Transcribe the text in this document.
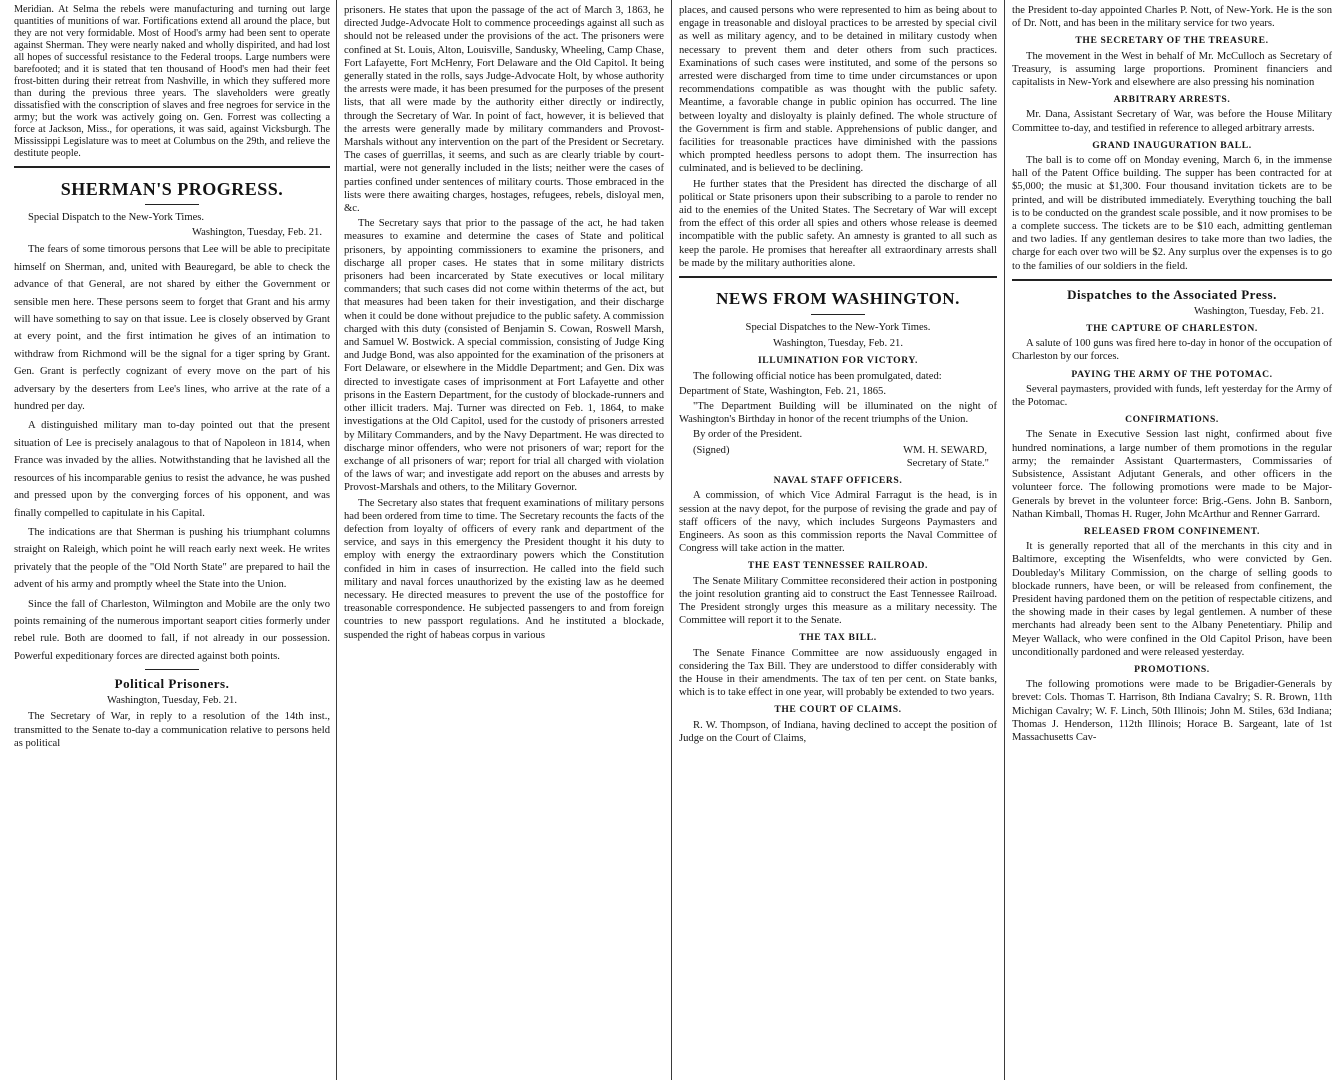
Meridian. At Selma the rebels were manufacturing and turning out large quantities of munitions of war. Fortifications extend all around the place, but they are not very formidable. Most of Hood's army had been sent to operate against Sherman. They were nearly naked and wholly dispirited, and had lost all hopes of successful resistance to the Federal troops. Large numbers were barefooted; and it is stated that ten thousand of Hood's men had their feet frost-bitten during their retreat from Nashville, in which they suffered more than during the previous three years. The slaveholders were greatly dissatisfied with the conscription of slaves and free negroes for service in the army; but the work was actively going on. Gen. Forrest was collecting a force at Jackson, Miss., for operations, it was said, against Vicksburgh. The Mississippi Legislature was to meet at Columbus on the 29th, and relieve the destitute people.

SHERMAN'S PROGRESS.

Special Dispatch to the New-York Times.

Washington, Tuesday, Feb. 21.

The fears of some timorous persons that Lee will be able to precipitate himself on Sherman, and, united with Beauregard, be able to check the advance of that General, are not shared by either the Government or sensible men here. These persons seem to forget that Grant and his army will have something to say on that issue. Lee is closely observed by Grant at every point, and the first intimation he gives of an intimation to withdraw from Richmond will be the signal for a tiger spring by Grant. Gen. Grant is perfectly cognizant of every move on the part of his adversary by the deserters from Lee's lines, who arrive at the rate of a hundred per day.

A distinguished military man to-day pointed out that the present situation of Lee is precisely analagous to that of Napoleon in 1814, when France was invaded by the allies. Notwithstanding that he lavished all the resources of his incomparable genius to resist the advance, he was pushed and pressed upon by the converging forces of his opponent, and was finally compelled to capitulate in his Capital.

The indications are that Sherman is pushing his triumphant columns straight on Raleigh, which point he will reach early next week. He writes privately that the people of the "Old North State" are prepared to hail the advent of his army and promptly wheel the State into the Union.

Since the fall of Charleston, Wilmington and Mobile are the only two points remaining of the numerous important seaport cities formerly under rebel rule. Both are doomed to fall, if not already in our possession. Powerful expeditionary forces are directed against both points.

Political Prisoners.
Washington, Tuesday, Feb. 21.

The Secretary of War, in reply to a resolution of the 14th inst., transmitted to the Senate to-day a communication relative to persons held as political

prisoners. He states that upon the passage of the act of March 3, 1863, he directed Judge-Advocate Holt to commence proceedings against all such as should not be released under the provisions of the act. The prisoners were confined at St. Louis, Alton, Louisville, Sandusky, Wheeling, Camp Chase, Fort Lafayette, Fort McHenry, Fort Delaware and the Old Capitol. It being generally stated in the rolls, says Judge-Advocate Holt, by whose authority the arrests were made, it has been presumed for the purposes of the present lists, that all were made by the authority either directly or indirectly, through the Secretary of War. In point of fact, however, it is believed that the arrests were generally made by military commanders and Provost-Marshals without any intervention on the part of the President or Secretary. The cases of guerrillas, it seems, and such as are clearly triable by court-martial, were not generally included in the lists; neither were the cases of parties confined under sentences of military courts. Those embraced in the lists were there awaiting charges, hostages, refugees, rebels, disloyal men, &c.

The Secretary says that prior to the passage of the act, he had taken measures to examine and determine the cases of State and political prisoners, by appointing commissioners to examine the prisoners, and discharge all proper cases. He states that in some military districts prisoners had been incarcerated by State executives or local military commanders; that such cases did not come within theterms of the act, but that measures had been taken for their investigation, and their discharge when it could be done without prejudice to the public safety. A commission charged with this duty (consisted of Benjamin S. Cowan, Roswell Marsh, and Samuel W. Bostwick. A special commission, consisting of Judge King and Judge Bond, was also appointed for the examination of the prisoners at Fort Delaware, or elsewhere in the Middle Department; and Gen. Dix was directed to investigate cases of imprisonment at Fort Lafayette and other prisons in the Eastern Department, for the custody of blockade-runners and other illicit traders. Maj. Turner was directed on Feb. 1, 1864, to make investigations at the Old Capitol, used for the custody of prisoners arrested by Military Commanders, and by the Navy Department. He was directed to discharge minor offenders, who were not prisoners of war; report for the exchange of all prisoners of war; report for trial all charged with violation of the laws of war; and investigate add report on the abuses and arrests by Provost-Marshals and others, to the Military Governor.

The Secretary also states that frequent examinations of military persons had been ordered from time to time. The Secretary recounts the facts of the defection from loyalty of officers of every rank and department of the service, and says in this emergency the President thought it his duty to employ with energy the extraordinary powers which the Constitution confided in him in cases of insurrection. He called into the field such military and naval forces unauthorized by the existing law as he deemed necessary. He directed measures to prevent the use of the postoffice for treasonable correspondence. He subjected passengers to and from foreign countries to new passport regulations. And he instituted a blockade, suspended the right of habeas corpus in various

places, and caused persons who were represented to him as being about to engage in treasonable and disloyal practices to be arrested by special civil as well as military agency, and to be detained in military custody when necessary to prevent them and deter others from such practices. Examinations of such cases were instituted, and some of the persons so arrested were discharged from time to time under circumstances or upon recommendations compatible as was thought with the public safety. Meantime, a favorable change in public opinion has occurred. The line between loyalty and disloyalty is plainly defined. The whole structure of the Government is firm and stable. Apprehensions of public danger, and facilities for treasonable practices have diminished with the passions which prompted heedless persons to adopt them. The insurrection has culminated, and is believed to be declining.

He further states that the President has directed the discharge of all political or State prisoners upon their subscribing to a parole to render no aid to the enemies of the United States. The Secretary of War will except from the effect of this order all spies and others whose release is deemed incompatible with the public safety. An amnesty is granted to all such as keep the parole. He promises that hereafter all extraordinary arrests shall be made by the military authorities alone.

NEWS FROM WASHINGTON.
Special Dispatches to the New-York Times.
Washington, Tuesday, Feb. 21.
ILLUMINATION FOR VICTORY.

The following official notice has been promulgated, dated:

Department of State, Washington, Feb. 21, 1865.

"The Department Building will be illuminated on the night of Washington's Birthday in honor of the recent triumphs of the Union.

By order of the President.

(Signed)	WM. H. SEWARD,
Secretary of State."
NAVAL STAFF OFFICERS.

A commission, of which Vice Admiral Farragut is the head, is in session at the navy depot, for the purpose of revising the grade and pay of staff officers of the navy, which includes Surgeons Paymasters and Engineers. As soon as this commission reports the Naval Committee of Congress will take action in the matter.

THE EAST TENNESSEE RAILROAD.

The Senate Military Committee reconsidered their action in postponing the joint resolution granting aid to construct the East Tennessee Railroad. The President strongly urges this measure as a military necessity. The Committee will report it to the Senate.

THE TAX BILL.

The Senate Finance Committee are now assiduously engaged in considering the Tax Bill. They are understood to differ considerably with the House in their amendments. The tax of ten per cent. on State banks, which is to take effect in one year, will probably be extended to two years.

THE COURT OF CLAIMS.

R. W. Thompson, of Indiana, having declined to accept the position of Judge on the Court of Claims,

the President to-day appointed Charles P. Nott, of New-York. He is the son of Dr. Nott, and has been in the military service for two years.

THE SECRETARY OF THE TREASURE.

The movement in the West in behalf of Mr. McCulloch as Secretary of Treasury, is assuming large proportions. Prominent financiers and capitalists in New-York and elsewhere are also pressing his nomination

ARBITRARY ARRESTS.

Mr. Dana, Assistant Secretary of War, was before the House Military Committee to-day, and testified in reference to alleged arbitrary arrests.

GRAND INAUGURATION BALL.

The ball is to come off on Monday evening, March 6, in the immense hall of the Patent Office building. The supper has been contracted for at $5,000; the music at $1,300. Four thousand invitation tickets are to be printed, and will be distributed immediately. Everything touching the ball is to be conducted on the grandest scale possible, and it now promises to be a complete success. The tickets are to be $10 each, admitting gentleman and two ladies. If any gentleman desires to take more than two ladies, the charge for each over two will be $2. Any surplus over the expenses is to go to the families of our soldiers in the field.

Dispatches to the Associated Press.
Washington, Tuesday, Feb. 21.
THE CAPTURE OF CHARLESTON.

A salute of 100 guns was fired here to-day in honor of the occupation of Charleston by our forces.

PAYING THE ARMY OF THE POTOMAC.

Several paymasters, provided with funds, left yesterday for the Army of the Potomac.

CONFIRMATIONS.

The Senate in Executive Session last night, confirmed about five hundred nominations, a large number of them promotions in the regular army; the remainder Assistant Quartermasters, Commissaries of Subsistence, Assistant Adjutant Generals, and other officers in the volunteer force. The following promotions were made to be Major-Generals by brevet in the volunteer force: Brig.-Gens. John B. Sanborn, Nathan Kimball, Thomas H. Ruger, John McArthur and Renner Garrard.

RELEASED FROM CONFINEMENT.

It is generally reported that all of the merchants in this city and in Baltimore, excepting the Wisenfeldts, who were convicted by Gen. Doubleday's Military Commission, on the charge of selling goods to blockade runners, have been, or will be released from confinement, the President having pardoned them on the petition of respectable citizens, and the showing made in their cases by legal gentlemen. A number of these merchants had already been sent to the Albany Penetentiary. Philip and Meyer Wallack, who were confined in the Old Capitol Prison, have been unconditionally pardoned and were released yesterday.

PROMOTIONS.

The following promotions were made to be Brigadier-Generals by brevet: Cols. Thomas T. Harrison, 8th Indiana Cavalry; S. R. Brown, 11th Michigan Cavalry; W. F. Linch, 50th Illinois; John M. Stiles, 63d Indiana; Thomas J. Henderson, 112th Illinois; Horace B. Sargeant, late of 1st Massachusetts Cav-
